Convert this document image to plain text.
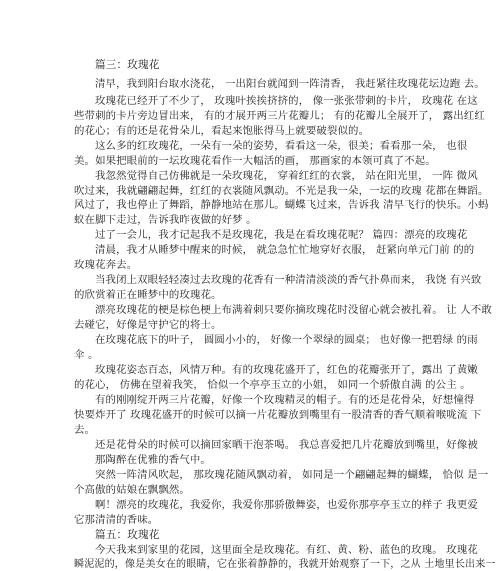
篇三：玫瑰花
清早，我到阳台取水浇花， 一出阳台就闻到一阵清香， 我赶紧往玫瑰花坛边跑 去。
玫瑰花已经开了不少了， 玫瑰叶挨挨挤挤的， 像一张张带刺的卡片， 玫瑰花 在这
些带刺的卡片旁边冒出来， 有的才展开两三片花瓣儿； 有的花瓣儿全展开了， 露出红红
的花心；有的还是花骨朵儿，看起来饱胀得马上就要破裂似的。
这么多的红玫瑰花，一朵有一朵的姿势，看看这一朵，很美；看看那一朵， 也很
美。如果把眼前的一坛玫瑰花看作一大幅活的画， 那画家的本领可真了不起。
我忽然觉得自己仿佛就是一朵玫瑰花， 穿着红红的衣裳， 站在阳光里， 一阵 微风
吹过来，我就翩翩起舞，红红的衣裳随风飘动。不光是我一朵，一坛的玫瑰 花都在舞蹈。
风过了，我也停止了舞蹈，静静地站在那儿。蝴蝶飞过来，告诉我 清早飞行的快乐。小蚂
蚁在脚下走过，告诉我昨夜做的好梦 。
过了一会儿，我才记起我不是玫瑰花，我是在看玫瑰花呢？ 篇四：漂亮的玫瑰花
清晨，我才从睡梦中醒来的时候， 就急急忙忙地穿好衣服， 赶紧向单元门前 的的
玫瑰花奔去。
当我闭上双眼轻轻凑过去玫瑰的花香有一种清清淡淡的香气扑鼻而来， 我饶 有兴致
的欣赏着正在睡梦中的玫瑰花。
漂亮玫瑰花的梗是棕色梗上布满着刺只要你摘玫瑰花时没留心就会被扎着。 让 人不敢
去碰它，好像是守护它的将士。
在玫瑰花底下的叶子， 圆圆小小的， 好像一个翠绿的圆桌； 也好像一把碧绿 的雨
伞 。
玫瑰花姿态百态，风情万种。有的玫瑰花盛开了，红色的花瓣张开了，露出 了黄嫩
的花心， 仿佛在望着我笑， 恰似一个亭亭玉立的小姐， 如同一个骄傲自满 的公主 。
有的刚刚绽开两三片花瓣，好像一个玫瑰精灵的帽子。有的还是花骨朵，好想憧得
快要炸开了 玫瑰花盛开的时候可以摘一片花瓣放到嘴里有一股清香的香气顺着喉咙流 下
去。
还是花骨朵的时候可以摘回家晒干泡茶喝。 我总喜爱把几片花瓣放到嘴里，好像被
那陶醉在优雅的香气中。
突然一阵清风吹起， 那玫瑰花随风飘动着， 如同是一个翩翩起舞的蝴蝶， 恰似 是一
个高傲的姑娘在飘飘然。
啊！漂亮的玫瑰花，我爱你，我爱你那骄傲舞姿，也爱你那亭亭玉立的样子 我更爱
它那清清的香味。
篇五：玫瑰花
今天我来到家里的花园，这里面全是玫瑰花。有红、黄、粉、蓝色的玫瑰。 玫瑰花
瞬泥泥的，像是美女在的眼睛，它在张着静静的，我就开始观察了一下，之从 土地里长出来一
